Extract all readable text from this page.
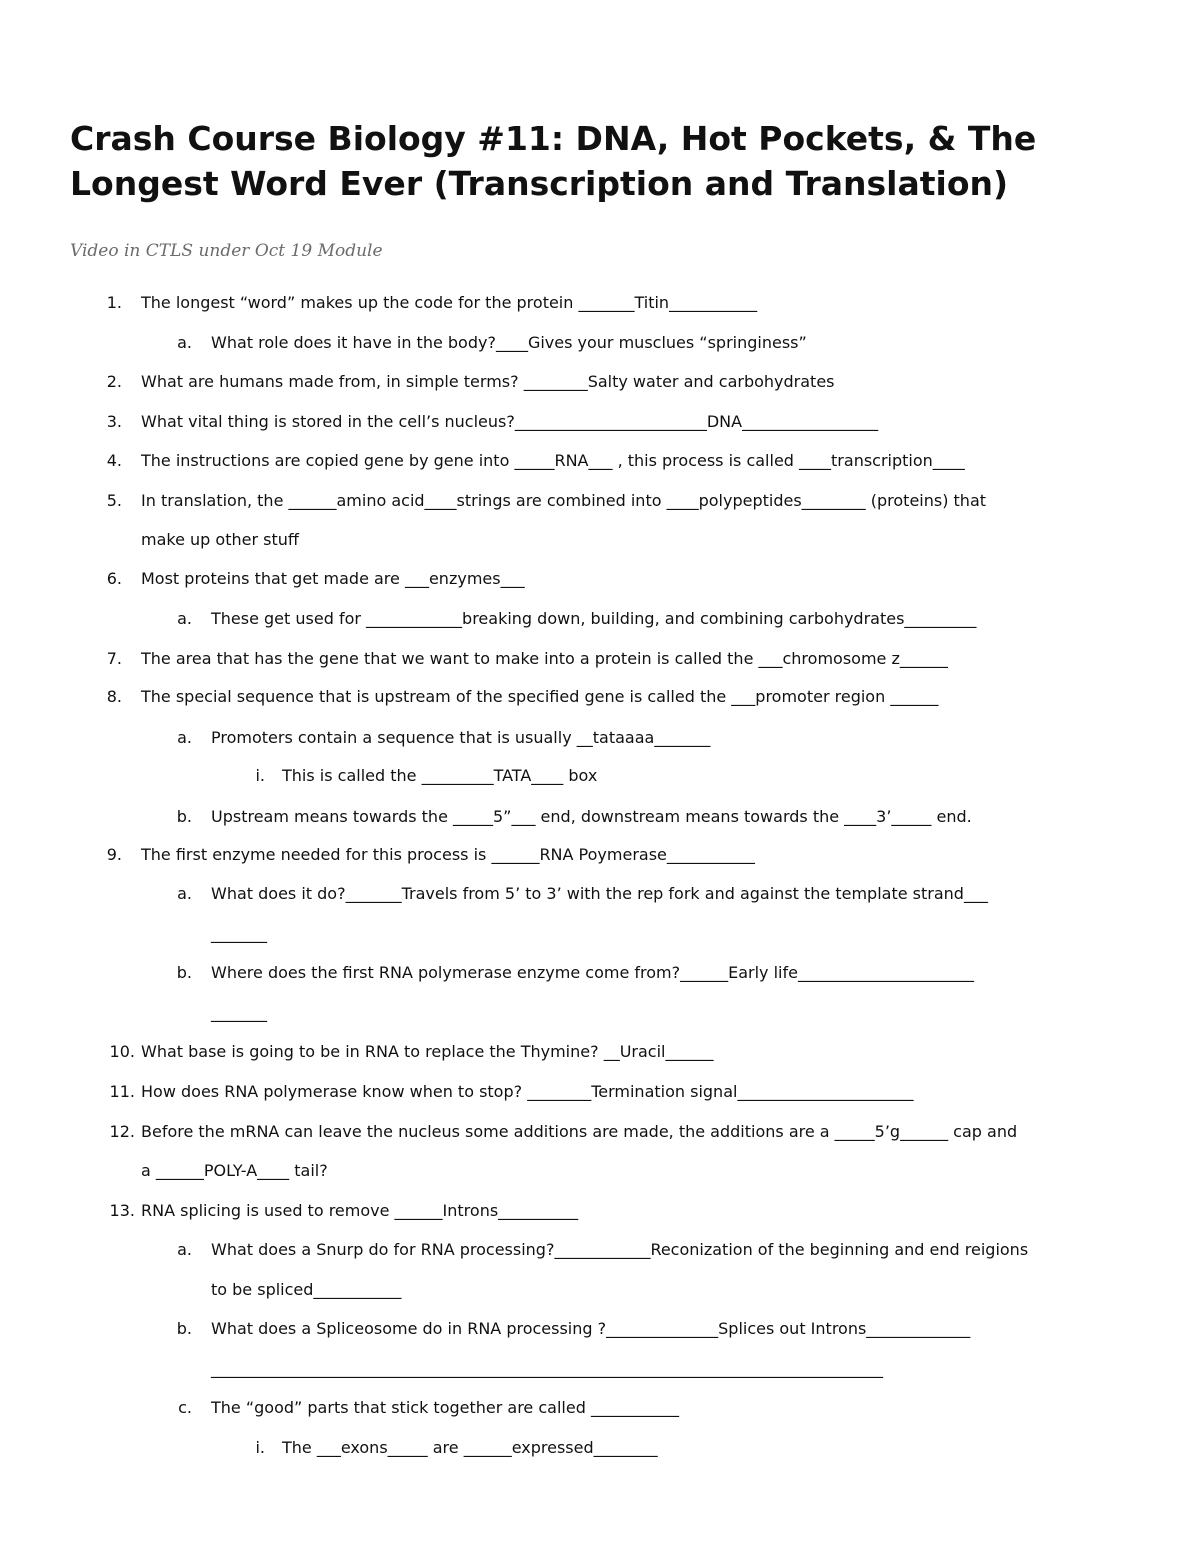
Crash Course Biology #11: DNA, Hot Pockets, & The Longest Word Ever (Transcription and Translation)

Video in CTLS under Oct 19 Module

1. The longest “word” makes up the code for the protein _______Titin___________
a. What role does it have in the body?____Gives your musclues “springiness”
2. What are humans made from, in simple terms? ________Salty water and carbohydrates
3. What vital thing is stored in the cell’s nucleus?________________________DNA_________________
4. The instructions are copied gene by gene into _____RNA___ , this process is called ____transcription____
5. In translation, the ______amino acid____strings are combined into ____polypeptides________ (proteins) that
make up other stuff
6. Most proteins that get made are ___enzymes___
a. These get used for ____________breaking down, building, and combining carbohydrates_________
7. The area that has the gene that we want to make into a protein is called the ___chromosome z______
8. The special sequence that is upstream of the specified gene is called the ___promoter region ______
a. Promoters contain a sequence that is usually __tataaaa_______
i. This is called the _________TATA____ box
b. Upstream means towards the _____5”___ end, downstream means towards the ____3’_____ end.
9. The first enzyme needed for this process is ______RNA Poymerase___________
a. What does it do?_______Travels from 5’ to 3’ with the rep fork and against the template strand___
_______
b. Where does the first RNA polymerase enzyme come from?______Early life______________________
_______
10. What base is going to be in RNA to replace the Thymine? __Uracil______
11. How does RNA polymerase know when to stop? ________Termination signal______________________
12. Before the mRNA can leave the nucleus some additions are made, the additions are a _____5’g______ cap and
a ______POLY-A____ tail?
13. RNA splicing is used to remove ______Introns__________
a. What does a Snurp do for RNA processing?____________Reconization of the beginning and end reigions
to be spliced___________
b. What does a Spliceosome do in RNA processing ?______________Splices out Introns_____________
____________________________________________________________________________________
c. The “good” parts that stick together are called ___________
i. The ___exons_____ are ______expressed________
